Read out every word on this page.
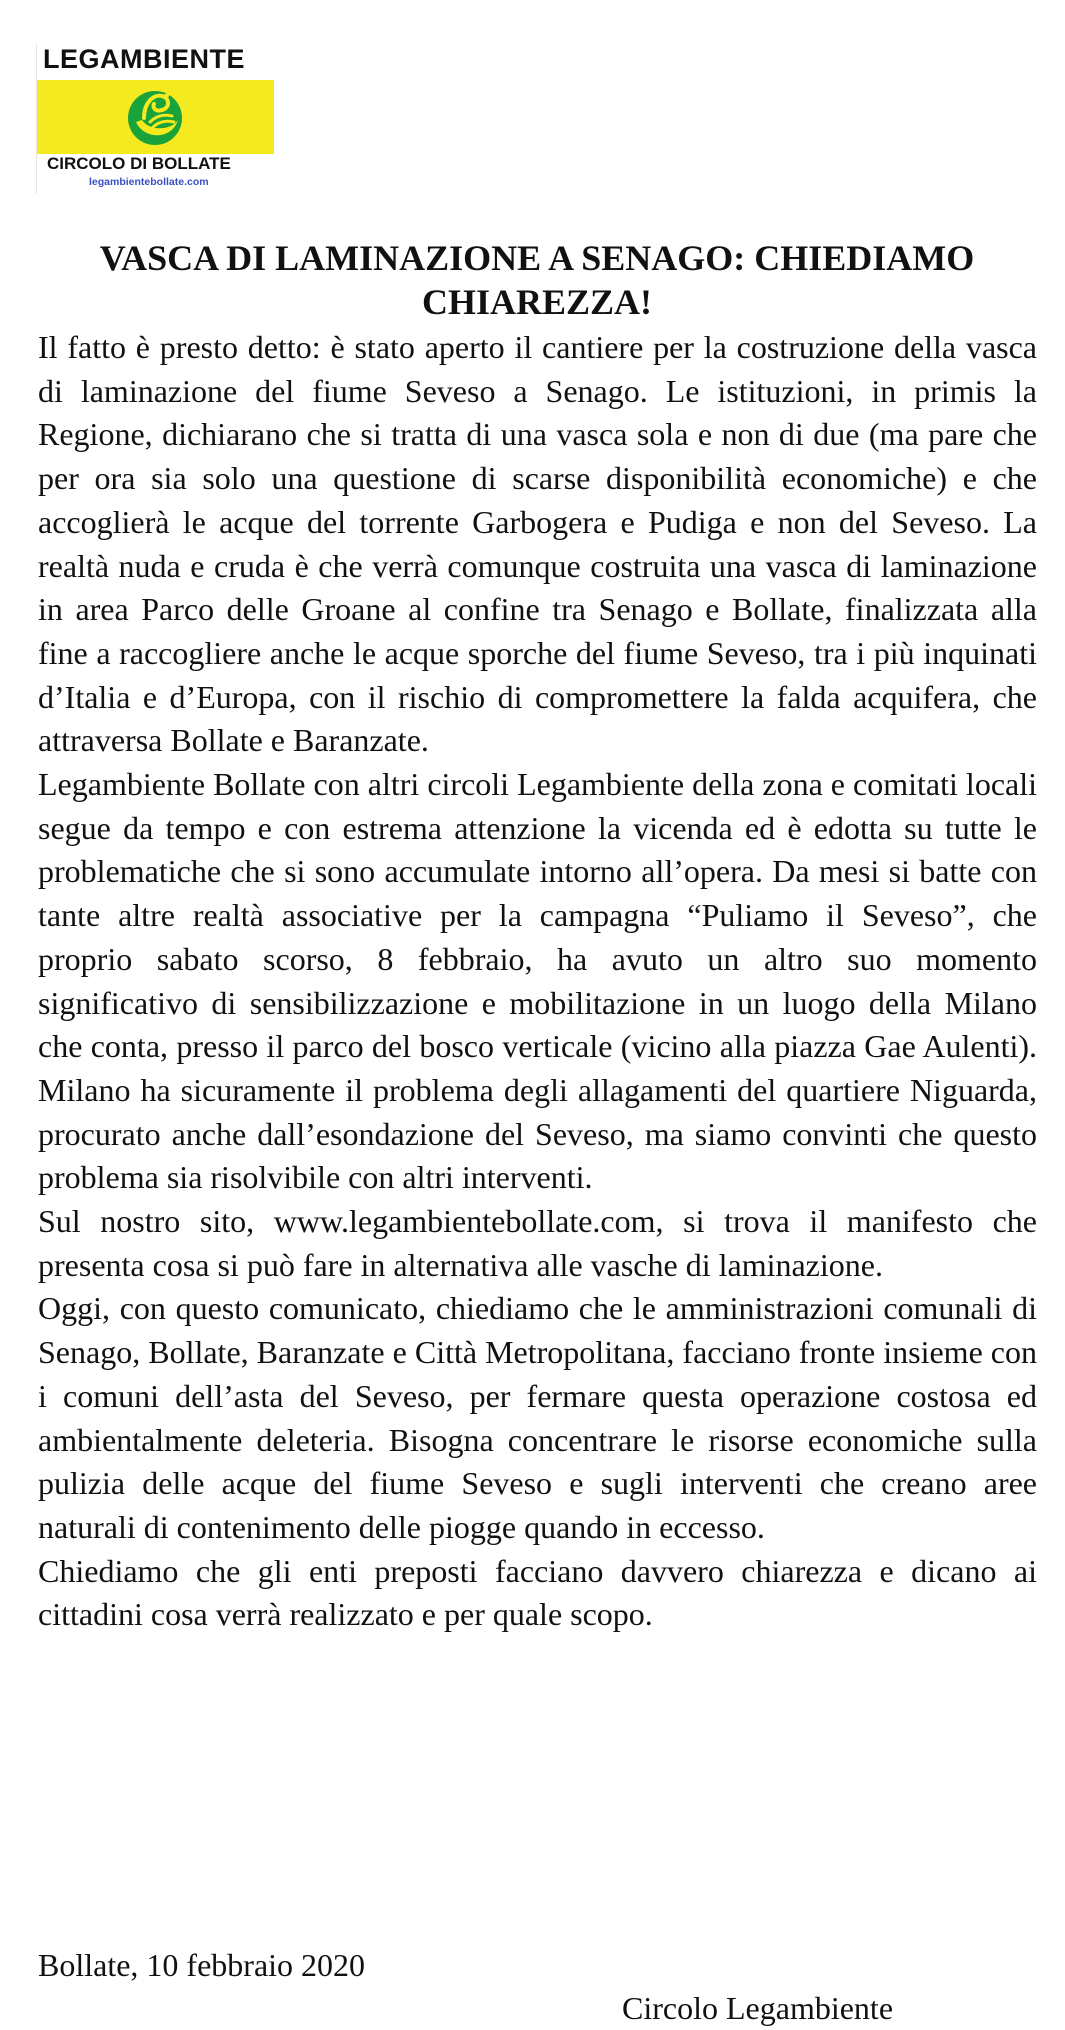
LEGAMBIENTE
CIRCOLO DI BOLLATE
legambientebollate.com
VASCA DI LAMINAZIONE A SENAGO: CHIEDIAMO CHIAREZZA!

Il fatto è presto detto: è stato aperto il cantiere per la costruzione della vasca di laminazione del fiume Seveso a Senago. Le istituzioni, in primis la Regione, dichiarano che si tratta di una vasca sola e non di due (ma pare che per ora sia solo una questione di scarse disponibilità economiche) e che accoglierà le acque del torrente Garbogera e Pudiga e non del Seveso. La realtà nuda e cruda è che verrà comunque costruita una vasca di laminazione in area Parco delle Groane al confine tra Senago e Bollate, finalizzata alla fine a raccogliere anche le acque sporche del fiume Seveso, tra i più inquinati d’Italia e d’Europa, con il rischio di compromettere la falda acquifera, che attraversa Bollate e Baranzate.

Legambiente Bollate con altri circoli Legambiente della zona e comitati locali segue da tempo e con estrema attenzione la vicenda ed è edotta su tutte le problematiche che si sono accumulate intorno all’opera. Da mesi si batte con tante altre realtà associative per la campagna “Puliamo il Seveso”, che proprio sabato scorso, 8 febbraio, ha avuto un altro suo momento significativo di sensibilizzazione e mobilitazione in un luogo della Milano che conta, presso il parco del bosco verticale (vicino alla piazza Gae Aulenti). Milano ha sicuramente il problema degli allagamenti del quartiere Niguarda, procurato anche dall’esondazione del Seveso, ma siamo convinti che questo problema sia risolvibile con altri interventi.

Sul nostro sito, www.legambientebollate.com, si trova il manifesto che presenta cosa si può fare in alternativa alle vasche di laminazione.

Oggi, con questo comunicato, chiediamo che le amministrazioni comunali di Senago, Bollate, Baranzate e Città Metropolitana, facciano fronte insieme con i comuni dell’asta del Seveso, per fermare questa operazione costosa ed ambientalmente deleteria. Bisogna concentrare le risorse economiche sulla pulizia delle acque del fiume Seveso e sugli interventi che creano aree naturali di contenimento delle piogge quando in eccesso.

Chiediamo che gli enti preposti facciano davvero chiarezza e dicano ai cittadini cosa verrà realizzato e per quale scopo.

Bollate, 10 febbraio 2020
Circolo Legambiente
